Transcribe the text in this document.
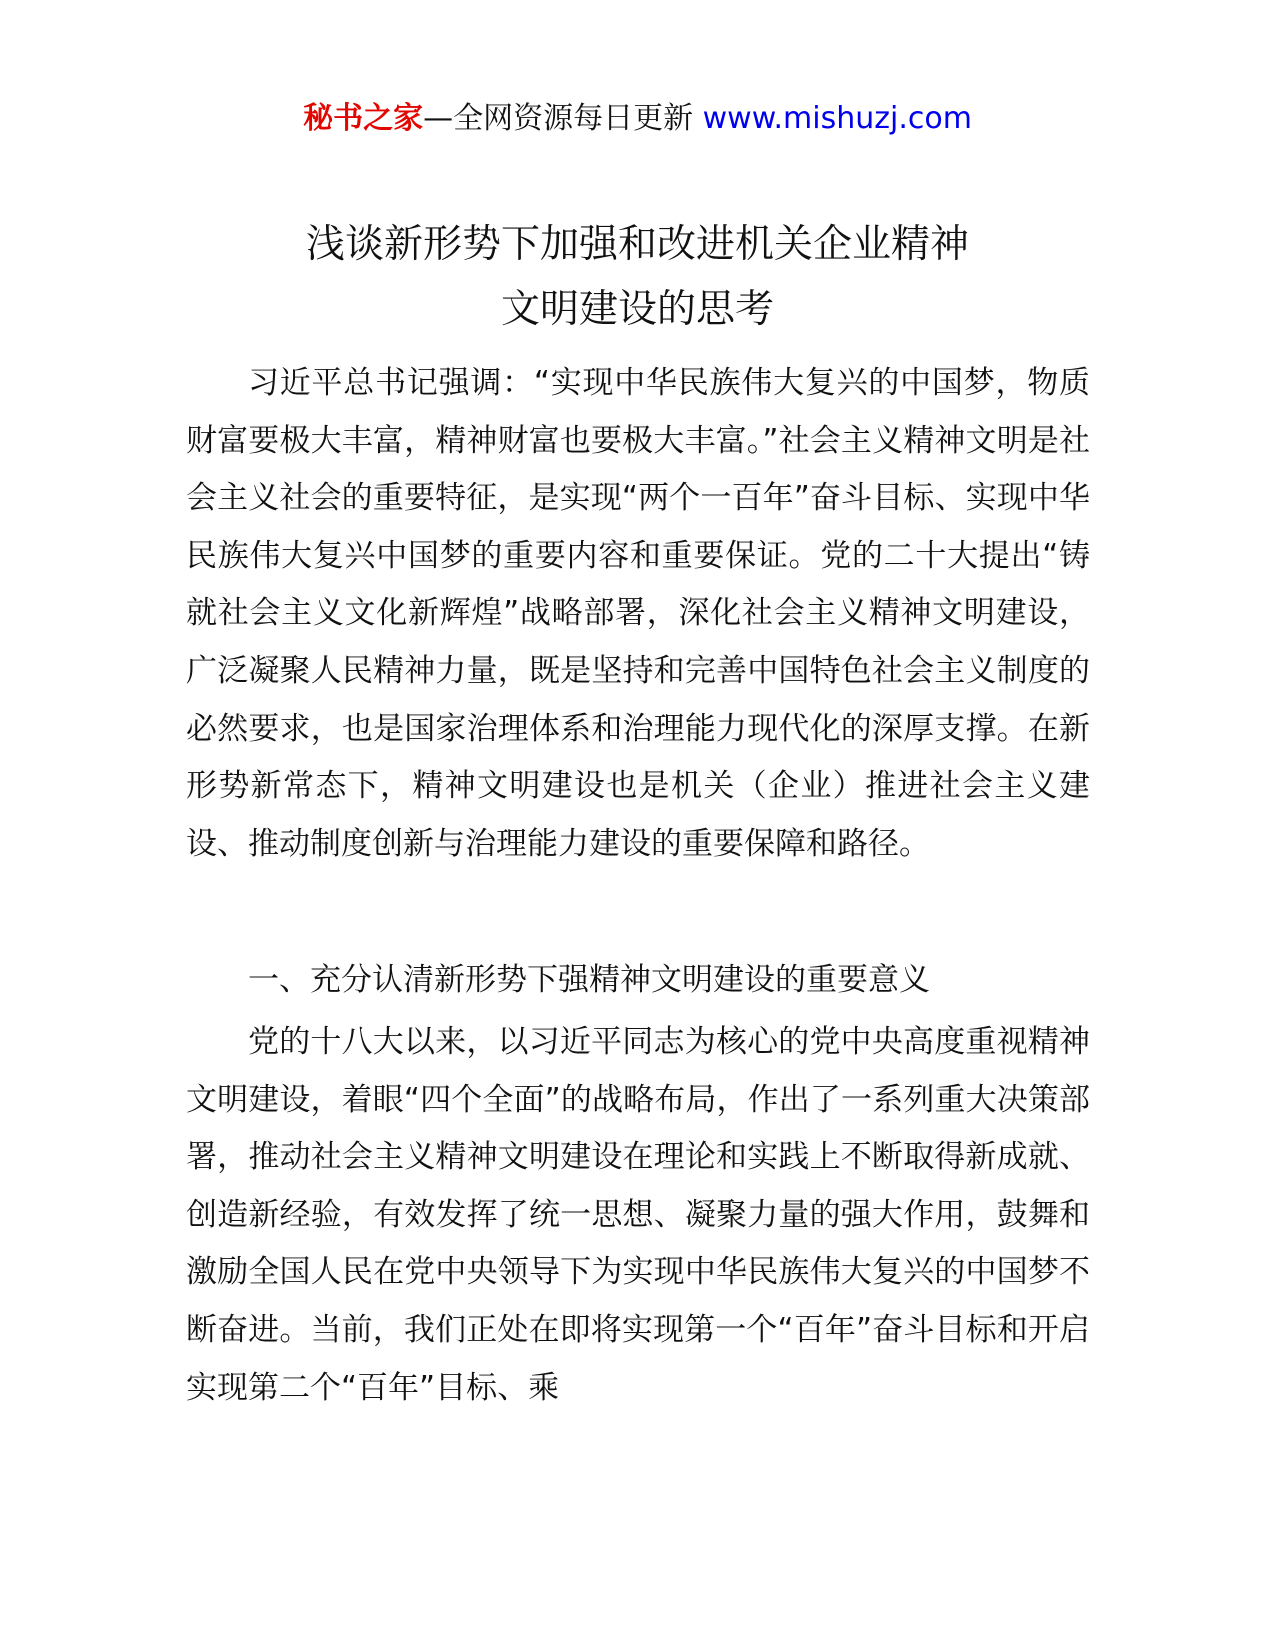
秘书之家—全网资源每日更新 www.mishuzj.com
浅谈新形势下加强和改进机关企业精神
文明建设的思考

习近平总书记强调：“实现中华民族伟大复兴的中国梦，物质财富要极大丰富，精神财富也要极大丰富。”社会主义精神文明是社会主义社会的重要特征，是实现“两个一百年”奋斗目标、实现中华民族伟大复兴中国梦的重要内容和重要保证。党的二十大提出“铸就社会主义文化新辉煌”战略部署，深化社会主义精神文明建设，广泛凝聚人民精神力量，既是坚持和完善中国特色社会主义制度的必然要求，也是国家治理体系和治理能力现代化的深厚支撑。在新形势新常态下，精神文明建设也是机关（企业）推进社会主义建设、推动制度创新与治理能力建设的重要保障和路径。

一、充分认清新形势下强精神文明建设的重要意义

党的十八大以来，以习近平同志为核心的党中央高度重视精神文明建设，着眼“四个全面”的战略布局，作出了一系列重大决策部署，推动社会主义精神文明建设在理论和实践上不断取得新成就、创造新经验，有效发挥了统一思想、凝聚力量的强大作用，鼓舞和激励全国人民在党中央领导下为实现中华民族伟大复兴的中国梦不断奋进。当前，我们正处在即将实现第一个“百年”奋斗目标和开启实现第二个“百年”目标、乘
